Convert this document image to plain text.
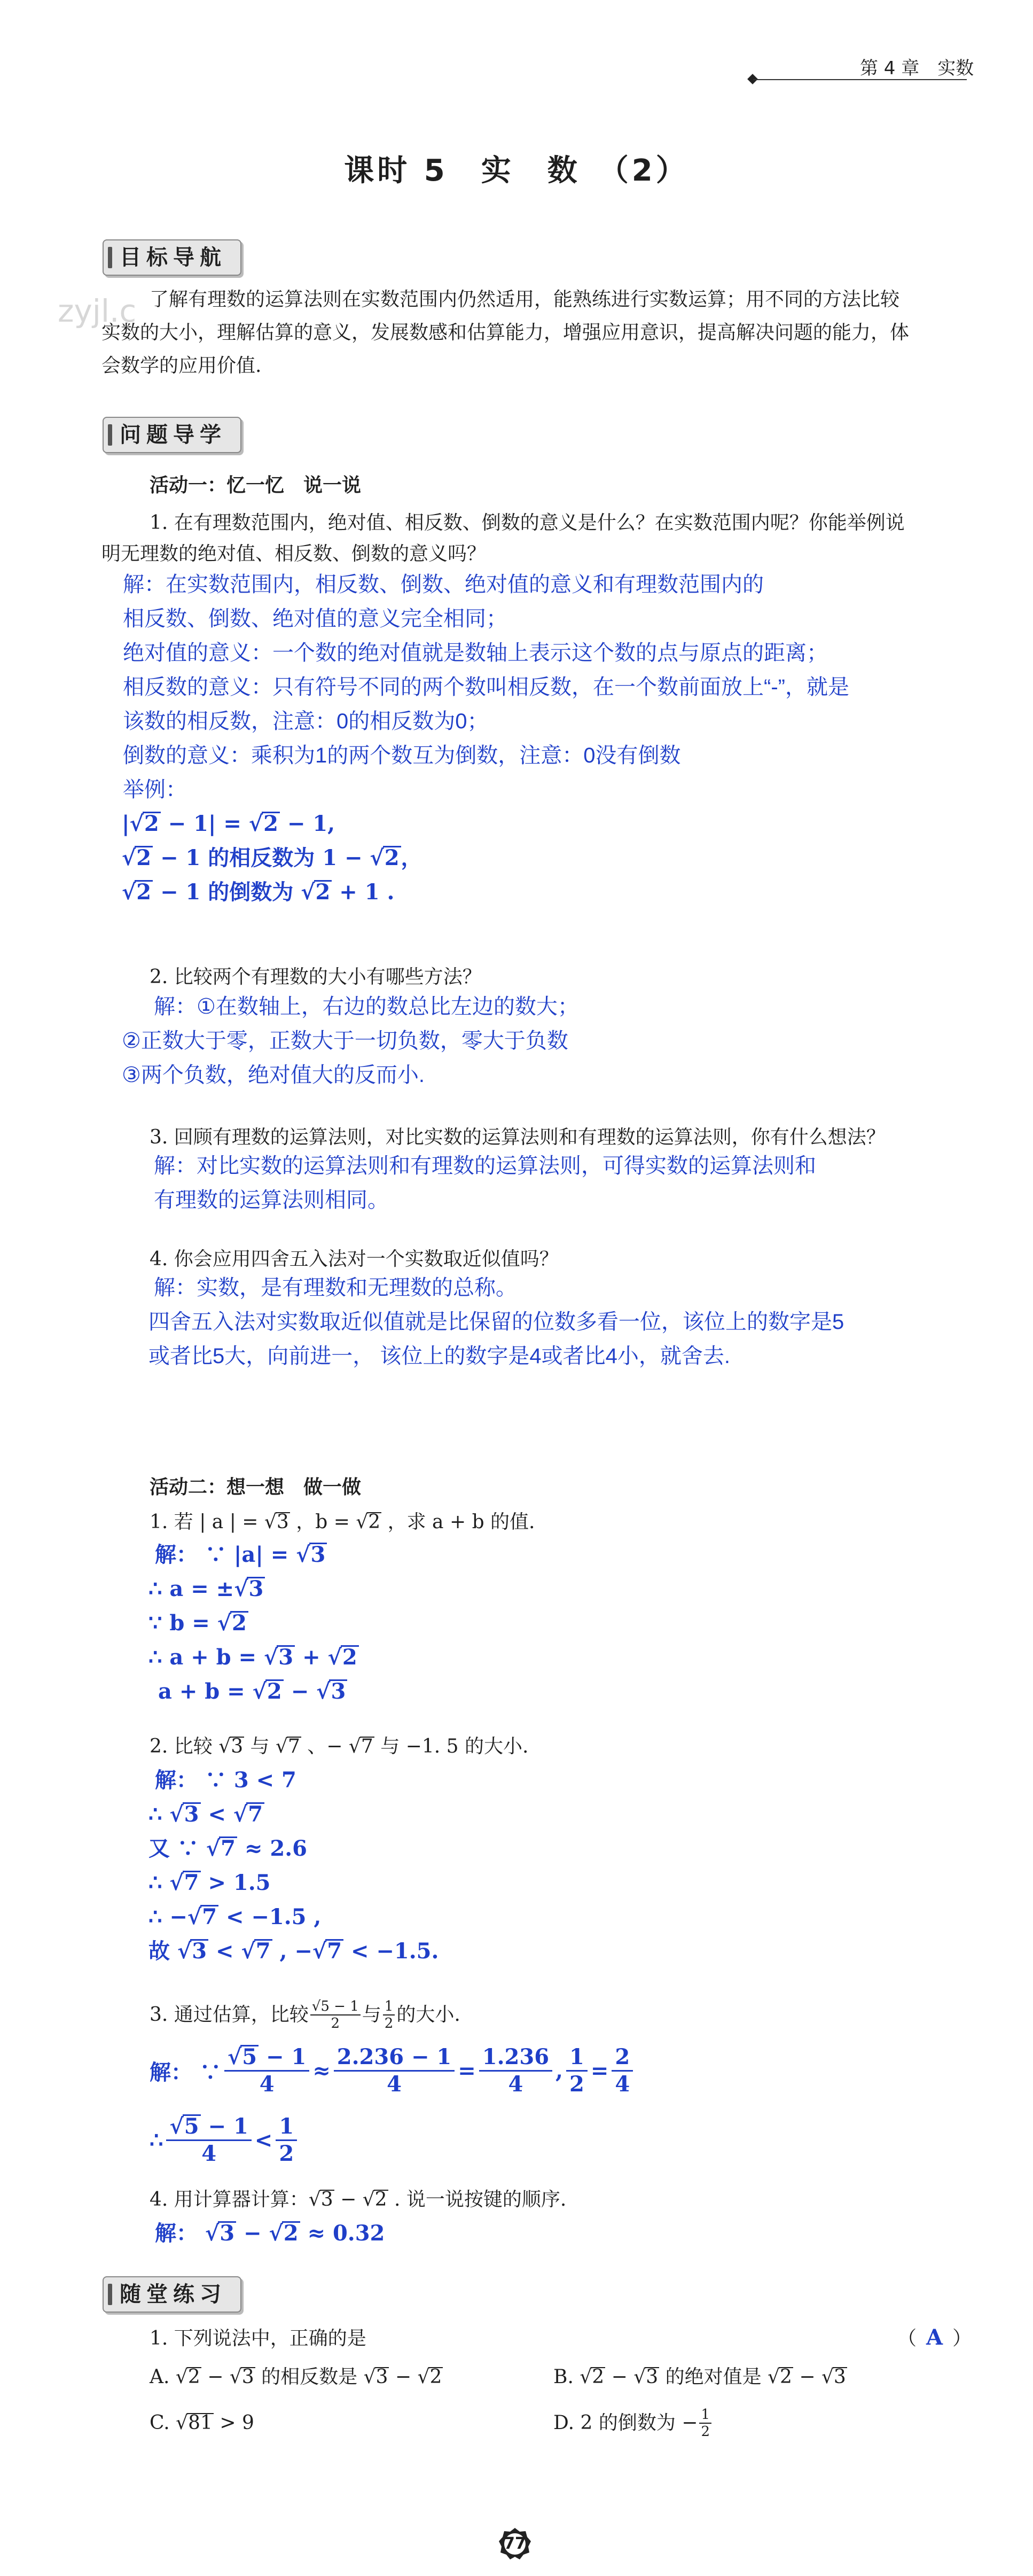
第 4 章　实数
课时 5　实　数　（2）
zyjl.c
目标导航
了解有理数的运算法则在实数范围内仍然适用，能熟练进行实数运算；用不同的方法比较
实数的大小，理解估算的意义，发展数感和估算能力，增强应用意识，提高解决问题的能力，体
会数学的应用价值.
问题导学
活动一：忆一忆　说一说
1. 在有理数范围内，绝对值、相反数、倒数的意义是什么？在实数范围内呢？你能举例说
明无理数的绝对值、相反数、倒数的意义吗？
解：在实数范围内，相反数、倒数、绝对值的意义和有理数范围内的
相反数、倒数、绝对值的意义完全相同；
绝对值的意义：一个数的绝对值就是数轴上表示这个数的点与原点的距离；
相反数的意义：只有符号不同的两个数叫相反数，在一个数前面放上“-”，就是
该数的相反数，注意：0的相反数为0；
倒数的意义：乘积为1的两个数互为倒数，注意：0没有倒数
举例：
|√2 − 1| = √2 − 1,
√2 − 1 的相反数为 1 − √2，
√2 − 1 的倒数为 √2 + 1 .
2. 比较两个有理数的大小有哪些方法？
解：①在数轴上，右边的数总比左边的数大；
②正数大于零，正数大于一切负数，零大于负数
③两个负数，绝对值大的反而小.
3. 回顾有理数的运算法则，对比实数的运算法则和有理数的运算法则，你有什么想法？
解：对比实数的运算法则和有理数的运算法则，可得实数的运算法则和
有理数的运算法则相同。
4. 你会应用四舍五入法对一个实数取近似值吗？
解：实数，是有理数和无理数的总称。
四舍五入法对实数取近似值就是比保留的位数多看一位，该位上的数字是5
或者比5大，向前进一， 该位上的数字是4或者比4小，就舍去.
活动二：想一想　做一做
1. 若 | a | = √3 ，b = √2 ，求 a + b 的值.
解： ∵ |a| = √3
∴ a = ±√3
∵ b = √2
∴ a + b = √3 + √2
a + b = √2 − √3
2. 比较 √3 与 √7 、− √7 与 −1. 5 的大小.
解： ∵ 3 < 7
∴ √3 < √7
又 ∵ √7 ≈ 2.6
∴ √7 > 1.5
∴ −√7 < −1.5 ,
故 √3 < √7 , −√7 < −1.5.
3. 通过估算，比较 √5 − 1
2 与 1
2 的大小.
解： ∵ $\frac{√5 - 1}{4} \approx \frac{2.236 - 1}{4} = \frac{1.236}{4}$ , $\frac{1}{2} = \frac{2}{4}$
∴ $\frac{√5 - 1}{4} < \frac{1}{2}$
4. 用计算器计算：√3 − √2 . 说一说按键的顺序.
解： √3 − √2 ≈ 0.32
随堂练习
1. 下列说法中，正确的是	（ A ）
A. √2 − √3 的相反数是 √3 − √2	B. √2 − √3 的绝对值是 √2 − √3
C. √81 > 9	D. 2 的倒数为 − $\frac{1}{2}$
77
